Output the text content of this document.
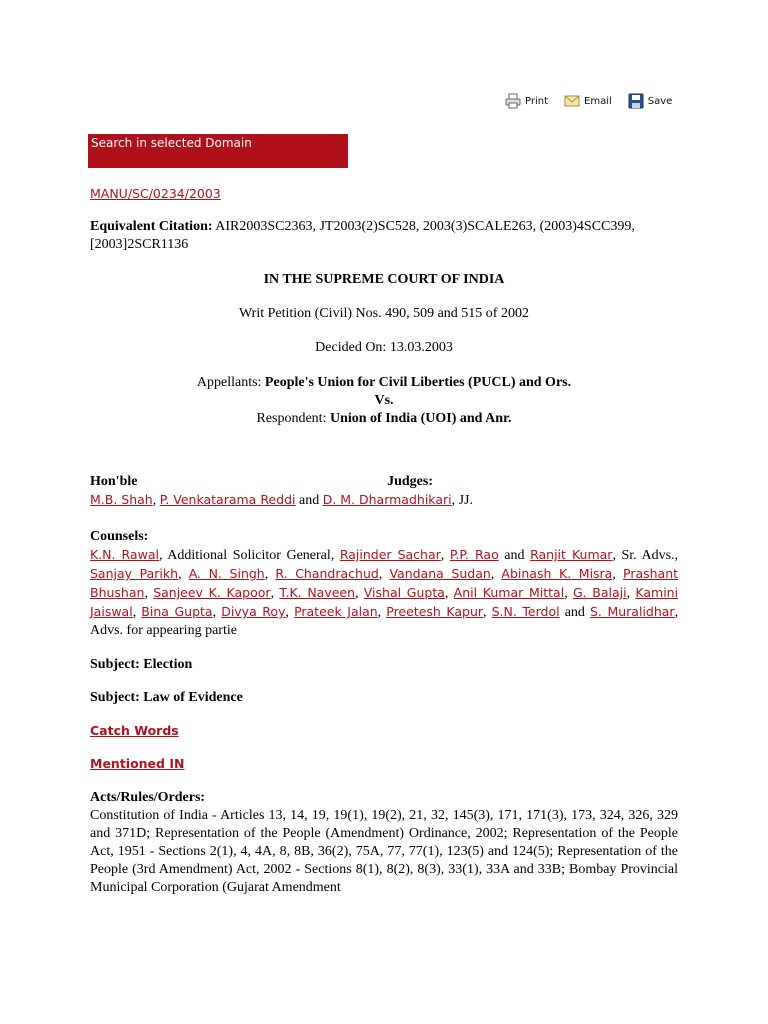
Print	Email	Save
Search in selected Domain
MANU/SC/0234/2003
Equivalent Citation: AIR2003SC2363, JT2003(2)SC528, 2003(3)SCALE263, (2003)4SCC399, [2003]2SCR1136
IN THE SUPREME COURT OF INDIA
Writ Petition (Civil) Nos. 490, 509 and 515 of 2002
Decided On: 13.03.2003
Appellants: People's Union for Civil Liberties (PUCL) and Ors.
Vs.
Respondent: Union of India (UOI) and Anr.
Hon'ble	Judges:
M.B. Shah, P. Venkatarama Reddi and D. M. Dharmadhikari, JJ.
Counsels:
K.N. Rawal, Additional Solicitor General, Rajinder Sachar, P.P. Rao and Ranjit Kumar, Sr. Advs., Sanjay Parikh, A. N. Singh, R. Chandrachud, Vandana Sudan, Abinash K. Misra, Prashant Bhushan, Sanjeev K. Kapoor, T.K. Naveen, Vishal Gupta, Anil Kumar Mittal, G. Balaji, Kamini Jaiswal, Bina Gupta, Divya Roy, Prateek Jalan, Preetesh Kapur, S.N. Terdol and S. Muralidhar, Advs. for appearing partie
Subject: Election
Subject: Law of Evidence
Catch Words
Mentioned IN
Acts/Rules/Orders:
Constitution of India - Articles 13, 14, 19, 19(1), 19(2), 21, 32, 145(3), 171, 171(3), 173, 324, 326, 329 and 371D; Representation of the People (Amendment) Ordinance, 2002; Representation of the People Act, 1951 - Sections 2(1), 4, 4A, 8, 8B, 36(2), 75A, 77, 77(1), 123(5) and 124(5); Representation of the People (3rd Amendment) Act, 2002 - Sections 8(1), 8(2), 8(3), 33(1), 33A and 33B; Bombay Provincial Municipal Corporation (Gujarat Amendment
